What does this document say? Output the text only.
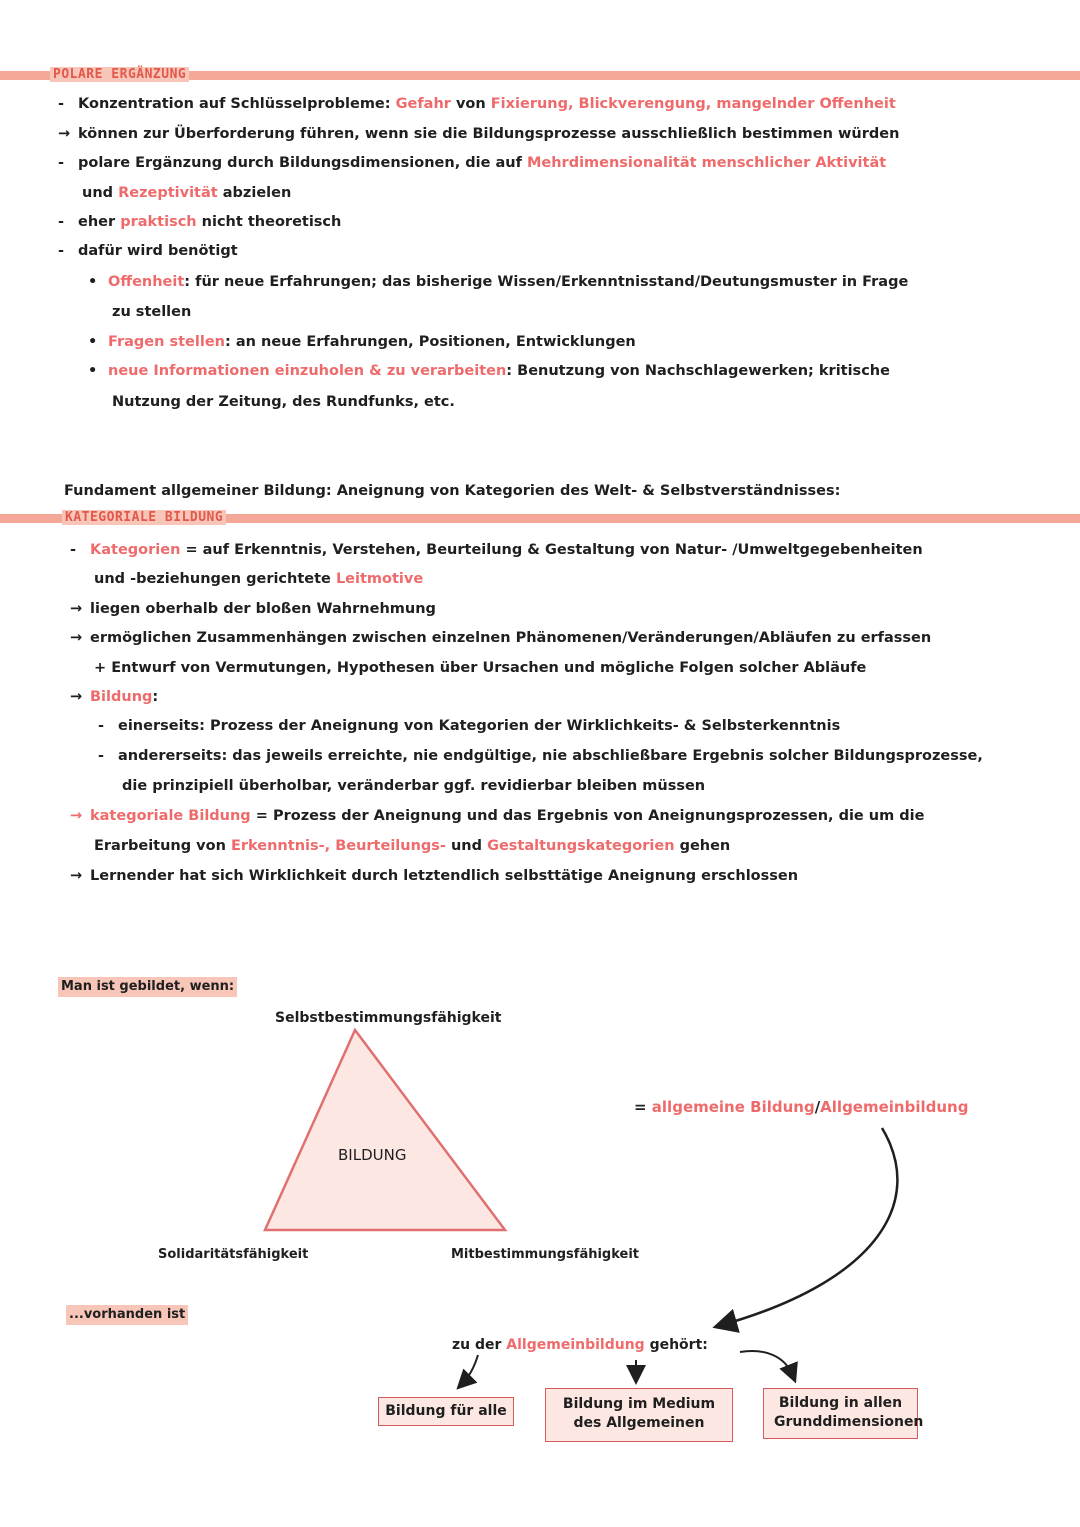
POLARE ERGÄNZUNG
- Konzentration auf Schlüsselprobleme: Gefahr von Fixierung, Blickverengung, mangelnder Offenheit
→ können zur Überforderung führen, wenn sie die Bildungsprozesse ausschließlich bestimmen würden
- polare Ergänzung durch Bildungsdimensionen, die auf Mehrdimensionalität menschlicher Aktivität
und Rezeptivität abzielen
- eher praktisch nicht theoretisch
- dafür wird benötigt
• Offenheit: für neue Erfahrungen; das bisherige Wissen/Erkenntnisstand/Deutungsmuster in Frage
zu stellen
• Fragen stellen: an neue Erfahrungen, Positionen, Entwicklungen
• neue Informationen einzuholen & zu verarbeiten: Benutzung von Nachschlagewerken; kritische
Nutzung der Zeitung, des Rundfunks, etc.
Fundament allgemeiner Bildung: Aneignung von Kategorien des Welt- & Selbstverständnisses:
KATEGORIALE BILDUNG
- Kategorien = auf Erkenntnis, Verstehen, Beurteilung & Gestaltung von Natur- /Umweltgegebenheiten
und -beziehungen gerichtete Leitmotive
→ liegen oberhalb der bloßen Wahrnehmung
→ ermöglichen Zusammenhängen zwischen einzelnen Phänomenen/Veränderungen/Abläufen zu erfassen
+ Entwurf von Vermutungen, Hypothesen über Ursachen und mögliche Folgen solcher Abläufe
→ Bildung:
- einerseits: Prozess der Aneignung von Kategorien der Wirklichkeits- & Selbsterkenntnis
- andererseits: das jeweils erreichte, nie endgültige, nie abschließbare Ergebnis solcher Bildungsprozesse,
die prinzipiell überholbar, veränderbar ggf. revidierbar bleiben müssen
→ kategoriale Bildung = Prozess der Aneignung und das Ergebnis von Aneignungsprozessen, die um die
Erarbeitung von Erkenntnis-, Beurteilungs- und Gestaltungskategorien gehen
→ Lernender hat sich Wirklichkeit durch letztendlich selbsttätige Aneignung erschlossen
Man ist gebildet, wenn:
Selbstbestimmungsfähigkeit
BILDUNG
Solidaritätsfähigkeit	Mitbestimmungsfähigkeit
= allgemeine Bildung/Allgemeinbildung
...vorhanden ist
zu der Allgemeinbildung gehört:
Bildung für alle	Bildung im Medium des Allgemeinen
Bildung in allen Grunddimensionen
